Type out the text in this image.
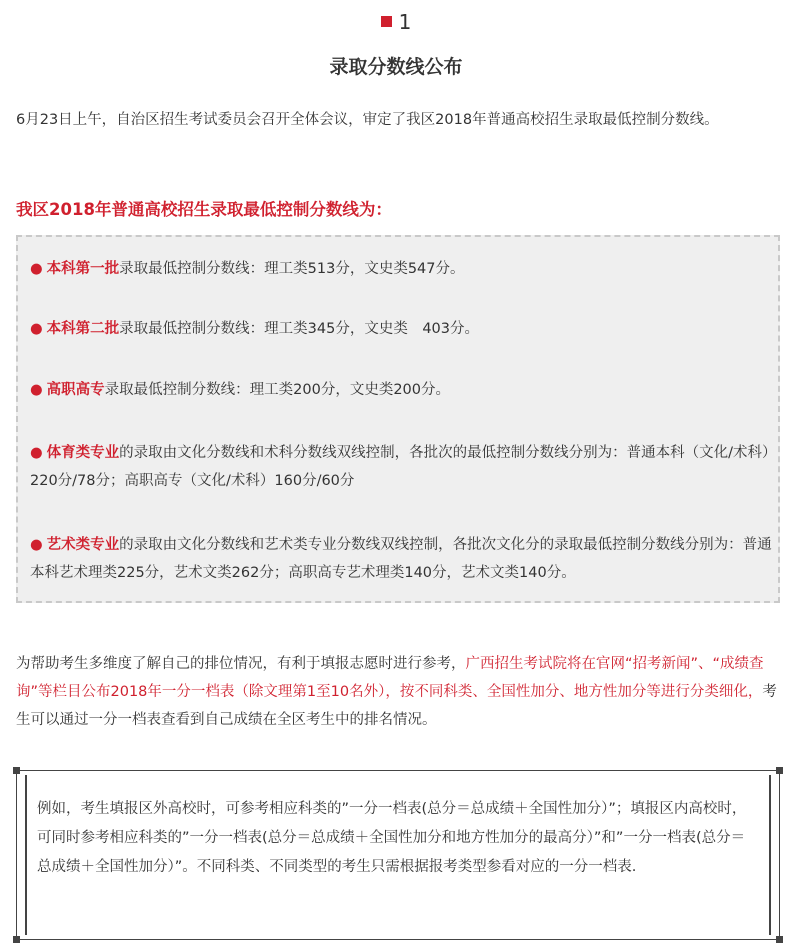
1
录取分数线公布

6月23日上午，自治区招生考试委员会召开全体会议，审定了我区2018年普通高校招生录取最低控制分数线。

我区2018年普通高校招生录取最低控制分数线为：

● 本科第一批录取最低控制分数线：理工类513分，文史类547分。

● 本科第二批录取最低控制分数线：理工类345分，文史类　403分。

● 高职高专录取最低控制分数线：理工类200分，文史类200分。

● 体育类专业的录取由文化分数线和术科分数线双线控制，各批次的最低控制分数线分别为：普通本科（文化/术科）220分/78分；高职高专（文化/术科）160分/60分

● 艺术类专业的录取由文化分数线和艺术类专业分数线双线控制，各批次文化分的录取最低控制分数线分别为：普通本科艺术理类225分，艺术文类262分；高职高专艺术理类140分，艺术文类140分。

为帮助考生多维度了解自己的排位情况，有利于填报志愿时进行参考，广西招生考试院将在官网“招考新闻”、“成绩查询”等栏目公布2018年一分一档表（除文理第1至10名外），按不同科类、全国性加分、地方性加分等进行分类细化，考生可以通过一分一档表查看到自己成绩在全区考生中的排名情况。

例如，考生填报区外高校时，可参考相应科类的”一分一档表(总分＝总成绩＋全国性加分）”；填报区内高校时，可同时参考相应科类的”一分一档表(总分＝总成绩＋全国性加分和地方性加分的最高分）”和”一分一档表(总分＝总成绩＋全国性加分）”。不同科类、不同类型的考生只需根据报考类型参看对应的一分一档表.
